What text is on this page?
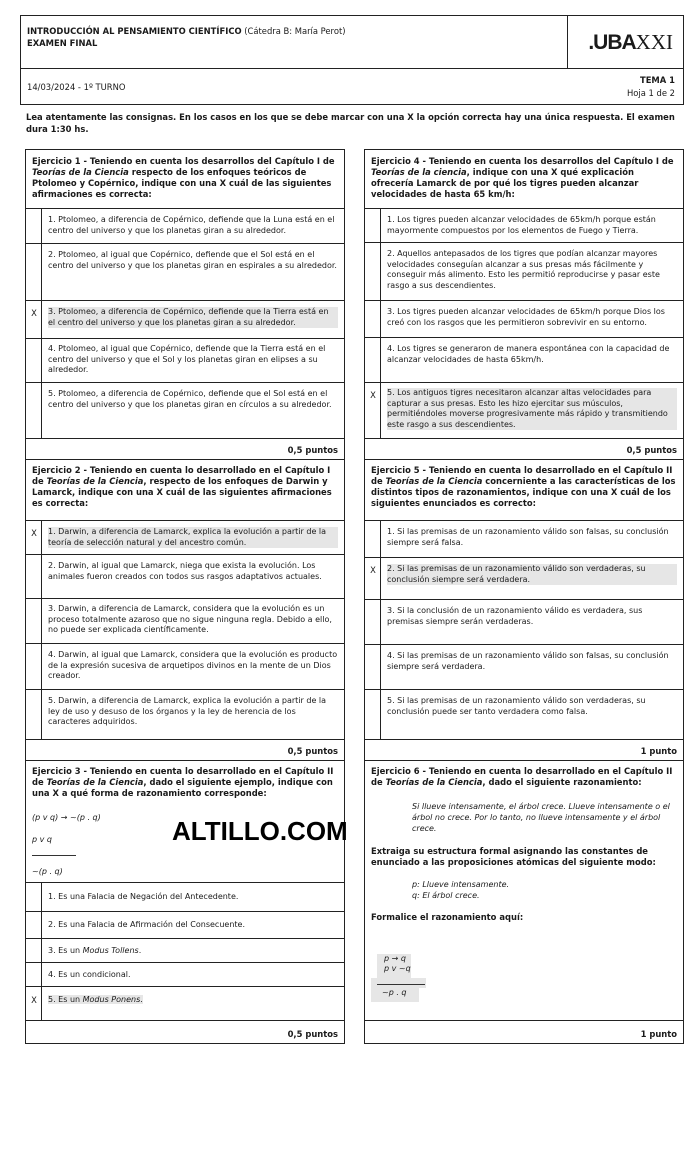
INTRODUCCIÓN AL PENSAMIENTO CIENTÍFICO (Cátedra B: María Perot)
EXAMEN FINAL	.UBAXXI
14/03/2024 - 1º TURNO
TEMA 1
Hoja 1 de 2
Lea atentamente las consignas. En los casos en los que se debe marcar con una X la opción correcta hay una única respuesta. El examen dura 1:30 hs.
Ejercicio 1 - Teniendo en cuenta los desarrollos del Capítulo I de Teorías de la Ciencia respecto de los enfoques teóricos de Ptolomeo y Copérnico, indique con una X cuál de las siguientes afirmaciones es correcta:
1. Ptolomeo, a diferencia de Copérnico, defiende que la Luna está en el centro del universo y que los planetas giran a su alrededor.
2. Ptolomeo, al igual que Copérnico, defiende que el Sol está en el centro del universo y que los planetas giran en espirales a su alrededor.
X	3. Ptolomeo, a diferencia de Copérnico, defiende que la Tierra está en el centro del universo y que los planetas giran a su alrededor.
4. Ptolomeo, al igual que Copérnico, defiende que la Tierra está en el centro del universo y que el Sol y los planetas giran en elipses a su alrededor.
5. Ptolomeo, a diferencia de Copérnico, defiende que el Sol está en el centro del universo y que los planetas giran en círculos a su alrededor.
0,5 puntos
Ejercicio 2 - Teniendo en cuenta lo desarrollado en el Capítulo I de Teorías de la Ciencia, respecto de los enfoques de Darwin y Lamarck, indique con una X cuál de las siguientes afirmaciones es correcta:
X	1. Darwin, a diferencia de Lamarck, explica la evolución a partir de la teoría de selección natural y del ancestro común.
2. Darwin, al igual que Lamarck, niega que exista la evolución. Los animales fueron creados con todos sus rasgos adaptativos actuales.
3. Darwin, a diferencia de Lamarck, considera que la evolución es un proceso totalmente azaroso que no sigue ninguna regla. Debido a ello, no puede ser explicada científicamente.
4. Darwin, al igual que Lamarck, considera que la evolución es producto de la expresión sucesiva de arquetipos divinos en la mente de un Dios creador.
5. Darwin, a diferencia de Lamarck, explica la evolución a partir de la ley de uso y desuso de los órganos y la ley de herencia de los caracteres adquiridos.
0,5 puntos
Ejercicio 3 - Teniendo en cuenta lo desarrollado en el Capítulo II de Teorías de la Ciencia, dado el siguiente ejemplo, indique con una X a qué forma de razonamiento corresponde:
(p v q) → ~(p . q)
p v q
~(p . q)
1. Es una Falacia de Negación del Antecedente.
2. Es una Falacia de Afirmación del Consecuente.
3. Es un Modus Tollens.
4. Es un condicional.
X	5. Es un Modus Ponens.
0,5 puntos
Ejercicio 4 - Teniendo en cuenta los desarrollos del Capítulo I de Teorías de la ciencia, indique con una X qué explicación ofrecería Lamarck de por qué los tigres pueden alcanzar velocidades de hasta 65 km/h:
1. Los tigres pueden alcanzar velocidades de 65km/h porque están mayormente compuestos por los elementos de Fuego y Tierra.
2. Aquellos antepasados de los tigres que podían alcanzar mayores velocidades conseguían alcanzar a sus presas más fácilmente y conseguir más alimento. Esto les permitió reproducirse y pasar este rasgo a sus descendientes.
3. Los tigres pueden alcanzar velocidades de 65km/h porque Dios los creó con los rasgos que les permitieron sobrevivir en su entorno.
4. Los tigres se generaron de manera espontánea con la capacidad de alcanzar velocidades de hasta 65km/h.
X	5. Los antiguos tigres necesitaron alcanzar altas velocidades para capturar a sus presas. Esto les hizo ejercitar sus músculos, permitiéndoles moverse progresivamente más rápido y transmitiendo este rasgo a sus descendientes.
0,5 puntos
Ejercicio 5 - Teniendo en cuenta lo desarrollado en el Capítulo II de Teorías de la Ciencia concerniente a las características de los distintos tipos de razonamientos, indique con una X cuál de los siguientes enunciados es correcto:
1. Si las premisas de un razonamiento válido son falsas, su conclusión siempre será falsa.
X	2. Si las premisas de un razonamiento válido son verdaderas, su conclusión siempre será verdadera.
3. Si la conclusión de un razonamiento válido es verdadera, sus premisas siempre serán verdaderas.
4. Si las premisas de un razonamiento válido son falsas, su conclusión siempre será verdadera.
5. Si las premisas de un razonamiento válido son verdaderas, su conclusión puede ser tanto verdadera como falsa.
1 punto
Ejercicio 6 - Teniendo en cuenta lo desarrollado en el Capítulo II de Teorías de la Ciencia, dado el siguiente razonamiento:
Si llueve intensamente, el árbol crece. Llueve intensamente o el árbol no crece. Por lo tanto, no llueve intensamente y el árbol crece.
Extraiga su estructura formal asignando las constantes de enunciado a las proposiciones atómicas del siguiente modo:
p: Llueve intensamente.
q: El árbol crece.
Formalice el razonamiento aquí:
p → q
p v ~q
~p . q
1 punto
ALTILLO.COM
